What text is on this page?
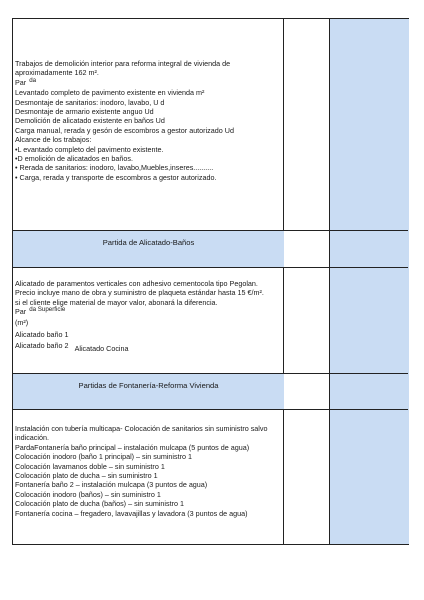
Trabajos de demolición interior para reforma integral de vivienda de
aproximadamente 162 m².
Par da
Levantado completo de pavimento existente en vivienda m²
Desmontaje de sanitarios: inodoro, lavabo, U d
Desmontaje de armario existente anguo Ud
Demolición de alicatado existente en baños Ud
Carga manual, rerada y gesón de escombros a gestor autorizado Ud
Alcance de los trabajos:
•L evantado completo del pavimento existente.
•D emolición de alicatados en baños.
• Rerada de sanitarios: inodoro, lavabo,Muebles,inseres..........
• Carga, rerada y transporte de escombros a gestor autorizado.
Partida de Alicatado-Baños
Alicatado de paramentos verticales con adhesivo cementocola tipo Pegolan.
Precio incluye mano de obra y suministro de plaqueta estándar hasta 15 €/m².
si el cliente elige material de mayor valor, abonará la diferencia.
Par da Superficie
(m²)
Alicatado baño 1
Alicatado baño 2 Alicatado Cocina
Partidas de Fontanería-Reforma Vivienda
Instalación con tubería multicapa- Colocación de sanitarios sin suministro salvo
indicación.
PardaFontanería baño principal – instalación mulcapa (5 puntos de agua)
Colocación inodoro (baño 1 principal) – sin suministro 1
Colocación lavamanos doble – sin suministro 1
Colocación plato de ducha – sin suministro 1
Fontanería baño 2 – instalación mulcapa (3 puntos de agua)
Colocación inodoro (baños) – sin suministro 1
Colocación plato de ducha (baños) – sin suministro 1
Fontanería cocina – fregadero, lavavajillas y lavadora (3 puntos de agua)
